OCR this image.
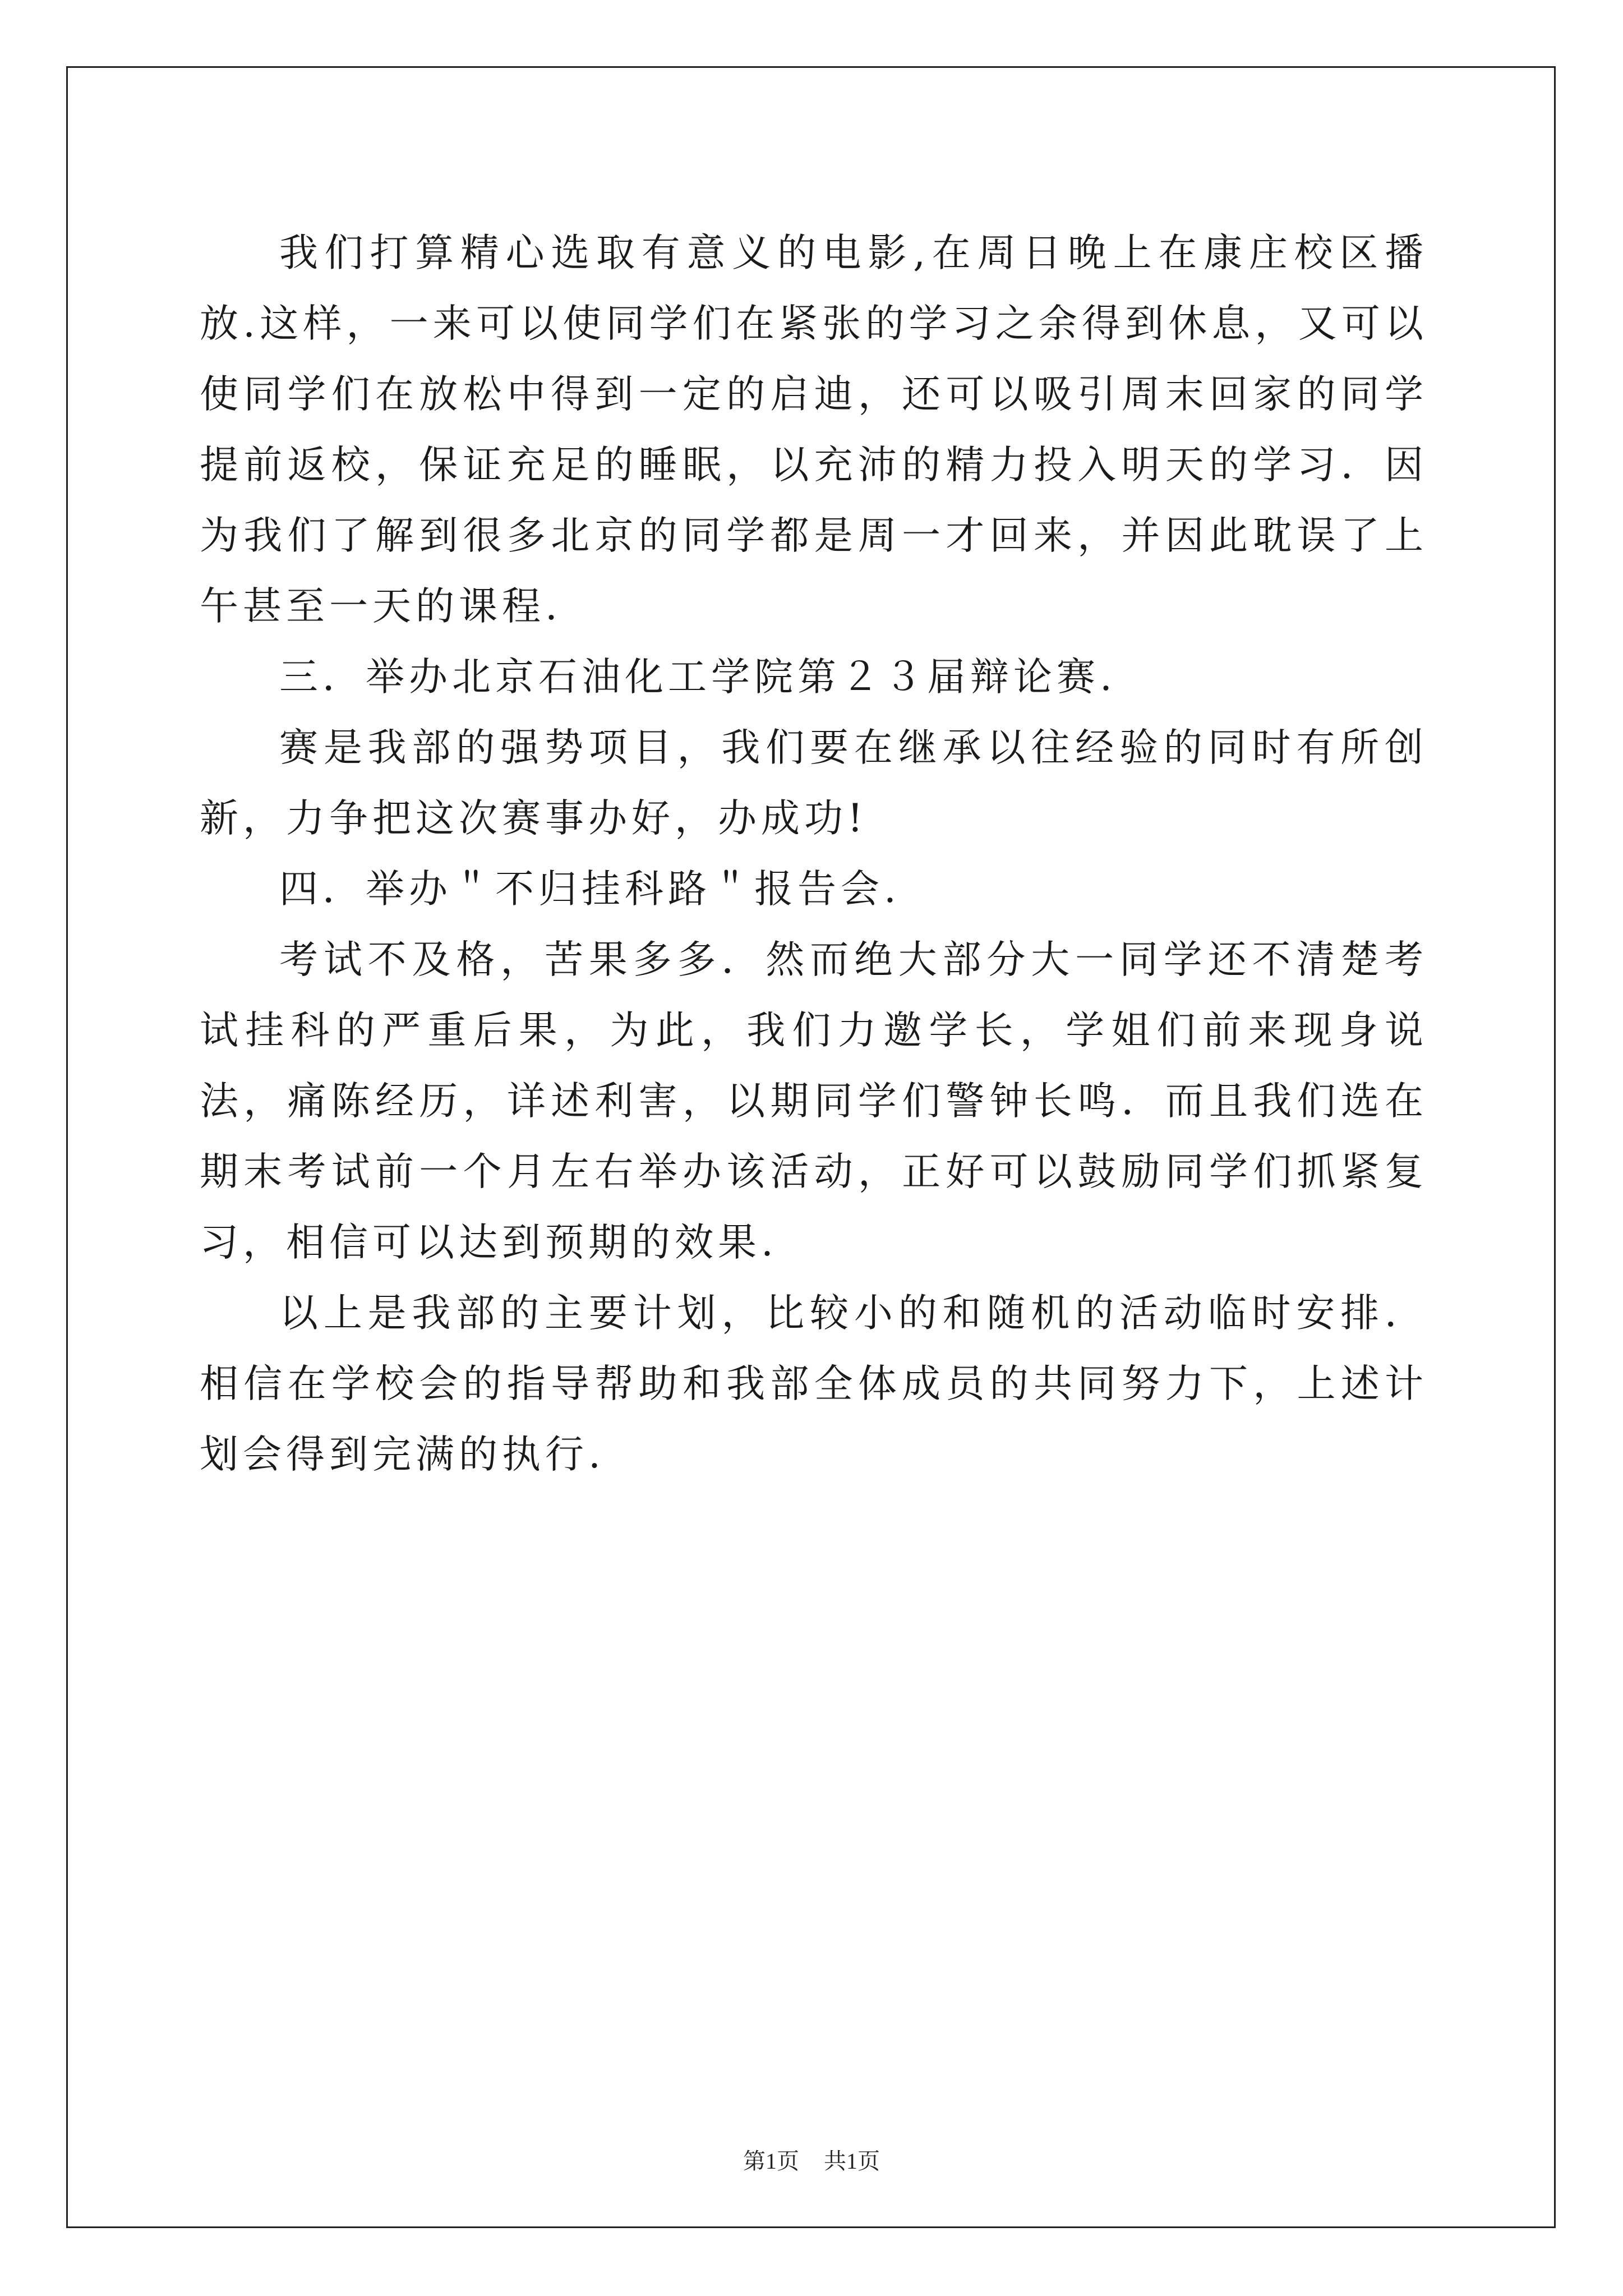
我们打算精心选取有意义的电影,在周日晚上在康庄校区播放.这样，一来可以使同学们在紧张的学习之余得到休息，又可以使同学们在放松中得到一定的启迪，还可以吸引周末回家的同学提前返校，保证充足的睡眠，以充沛的精力投入明天的学习．因为我们了解到很多北京的同学都是周一才回来，并因此耽误了上午甚至一天的课程.

三．举办北京石油化工学院第２３届辩论赛.

赛是我部的强势项目，我们要在继承以往经验的同时有所创新，力争把这次赛事办好，办成功!

四．举办＂不归挂科路＂报告会.

考试不及格，苦果多多．然而绝大部分大一同学还不清楚考试挂科的严重后果，为此，我们力邀学长，学姐们前来现身说法，痛陈经历，详述利害，以期同学们警钟长鸣．而且我们选在期末考试前一个月左右举办该活动，正好可以鼓励同学们抓紧复习，相信可以达到预期的效果.

以上是我部的主要计划，比较小的和随机的活动临时安排．相信在学校会的指导帮助和我部全体成员的共同努力下，上述计划会得到完满的执行.

第1页 共1页
